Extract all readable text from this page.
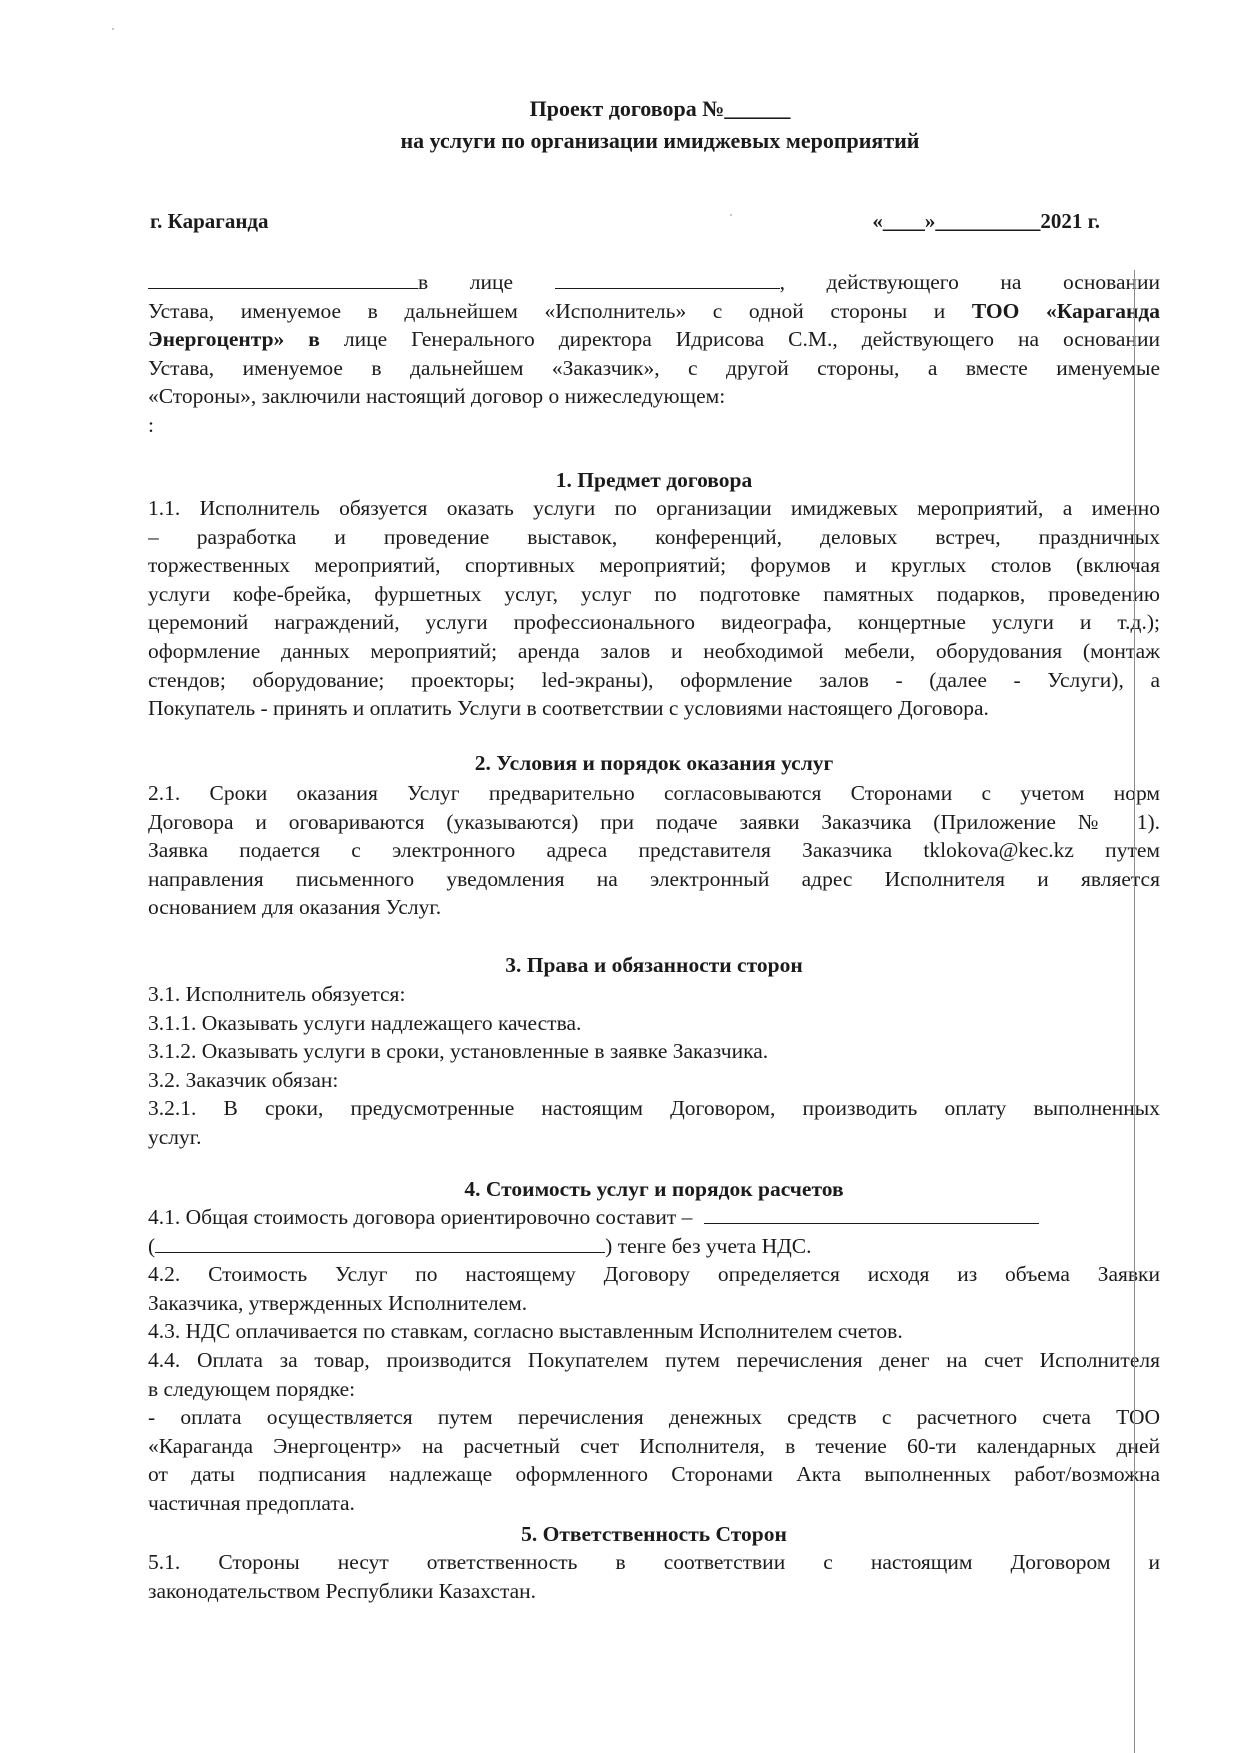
Проект договора №______
на услуги по организации имиджевых мероприятий
г. Караганда	«____»__________2021 г.
в лице	, действующего на основании
Устава, именуемое в дальнейшем «Исполнитель» с одной стороны и ТОО «Караганда
Энергоцентр» в лице Генерального директора Идрисова С.М., действующего на основании
Устава, именуемое в дальнейшем «Заказчик», с другой стороны, а вместе именуемые
«Стороны», заключили настоящий договор о нижеследующем:
:
1. Предмет договора
1.1. Исполнитель обязуется оказать услуги по организации имиджевых мероприятий, а именно
– разработка и проведение выставок, конференций, деловых встреч, праздничных
торжественных мероприятий, спортивных мероприятий; форумов и круглых столов (включая
услуги кофе-брейка, фуршетных услуг, услуг по подготовке памятных подарков, проведению
церемоний награждений, услуги профессионального видеографа, концертные услуги и т.д.);
оформление данных мероприятий; аренда залов и необходимой мебели, оборудования (монтаж
стендов; оборудование; проекторы; led-экраны), оформление залов - (далее - Услуги), а
Покупатель - принять и оплатить Услуги в соответствии с условиями настоящего Договора.
2. Условия и порядок оказания услуг
2.1. Сроки оказания Услуг предварительно согласовываются Сторонами с учетом норм
Договора и оговариваются (указываются) при подаче заявки Заказчика (Приложение № 1).
Заявка подается с электронного адреса представителя Заказчика tklokova@kec.kz путем
направления письменного уведомления на электронный адрес Исполнителя и является
основанием для оказания Услуг.
3. Права и обязанности сторон
3.1. Исполнитель обязуется:
3.1.1. Оказывать услуги надлежащего качества.
3.1.2. Оказывать услуги в сроки, установленные в заявке Заказчика.
3.2. Заказчик обязан:
3.2.1. В сроки, предусмотренные настоящим Договором, производить оплату выполненных
услуг.
4. Стоимость услуг и порядок расчетов
4.1. Общая стоимость договора ориентировочно составит –
(	) тенге без учета НДС.
4.2. Стоимость Услуг по настоящему Договору определяется исходя из объема Заявки
Заказчика, утвержденных Исполнителем.
4.3. НДС оплачивается по ставкам, согласно выставленным Исполнителем счетов.
4.4. Оплата за товар, производится Покупателем путем перечисления денег на счет Исполнителя
в следующем порядке:
- оплата осуществляется путем перечисления денежных средств с расчетного счета ТОО
«Караганда Энергоцентр» на расчетный счет Исполнителя, в течение 60-ти календарных дней
от даты подписания надлежаще оформленного Сторонами Акта выполненных работ/возможна
частичная предоплата.
5. Ответственность Сторон
5.1. Стороны несут ответственность в соответствии с настоящим Договором и
законодательством Республики Казахстан.
